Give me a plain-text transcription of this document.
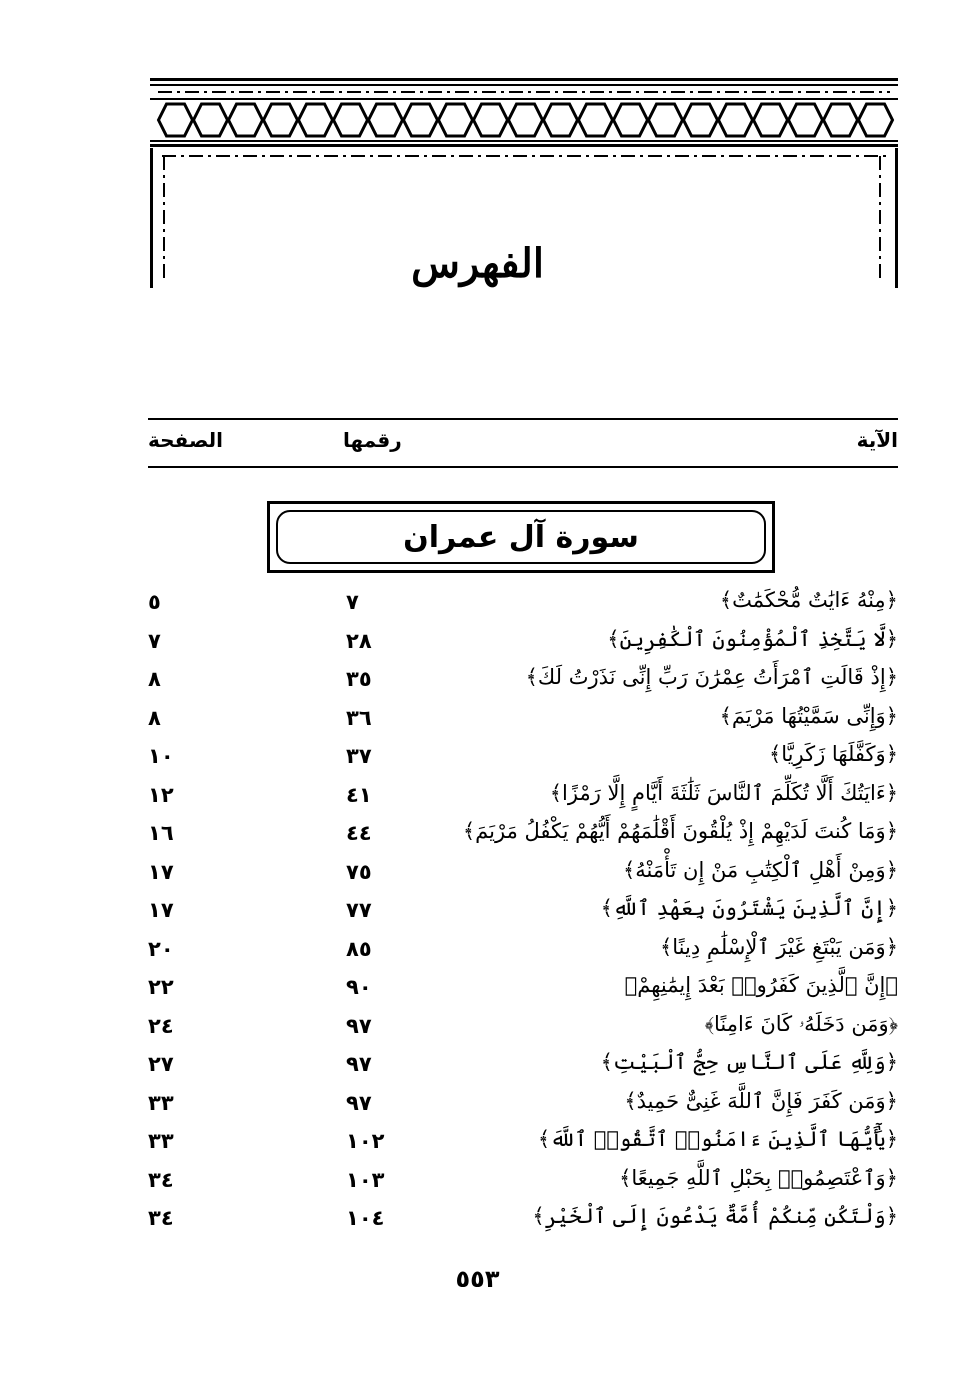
الفهرس
الآية
رقمها
الصفحة
سورة آل عمران
﴿مِنْهُ ءَايَٰتٌ مُّحْكَمَٰتٌ﴾
٧
٥
﴿لَّا يَتَّخِذِ ٱلْمُؤْمِنُونَ ٱلْكَٰفِرِينَ﴾
٢٨
٧
﴿إِذْ قَالَتِ ٱمْرَأَتُ عِمْرَٰنَ رَبِّ إِنِّى نَذَرْتُ لَكَ﴾
٣٥
٨
﴿وَإِنِّى سَمَّيْتُهَا مَرْيَمَ﴾
٣٦
٨
﴿وَكَفَّلَهَا زَكَرِيَّا﴾
٣٧
١٠
﴿ءَايَتُكَ أَلَّا تُكَلِّمَ ٱلنَّاسَ ثَلَٰثَةَ أَيَّامٍ إِلَّا رَمْزًا﴾
٤١
١٢
﴿وَمَا كُنتَ لَدَيْهِمْ إِذْ يُلْقُونَ أَقْلَٰمَهُمْ أَيُّهُمْ يَكْفُلُ مَرْيَمَ﴾
٤٤
١٦
﴿وَمِنْ أَهْلِ ٱلْكِتَٰبِ مَنْ إِن تَأْمَنْهُ﴾
٧٥
١٧
﴿إِنَّ ٱلَّذِينَ يَشْتَرُونَ بِعَهْدِ ٱللَّهِ﴾
٧٧
١٧
﴿وَمَن يَبْتَغِ غَيْرَ ٱلْإِسْلَٰمِ دِينًا﴾
٨٥
٢٠
﴿إِنَّ ٱلَّذِينَ كَفَرُوا۟ بَعْدَ إِيمَٰنِهِمْ﴾
٩٠
٢٢
﴿وَمَن دَخَلَهُۥ كَانَ ءَامِنًا﴾
٩٧
٢٤
﴿وَلِلَّهِ عَلَى ٱلنَّاسِ حِجُّ ٱلْبَيْتِ﴾
٩٧
٢٧
﴿وَمَن كَفَرَ فَإِنَّ ٱللَّهَ غَنِىٌّ حَمِيدٌ﴾
٩٧
٣٣
﴿يَٰٓأَيُّهَا ٱلَّذِينَ ءَامَنُوا۟ ٱتَّقُوا۟ ٱللَّهَ﴾
١٠٢
٣٣
﴿وَٱعْتَصِمُوا۟ بِحَبْلِ ٱللَّهِ جَمِيعًا﴾
١٠٣
٣٤
﴿وَلْتَكُن مِّنكُمْ أُمَّةٌ يَدْعُونَ إِلَى ٱلْخَيْرِ﴾
١٠٤
٣٤
٥٥٣
